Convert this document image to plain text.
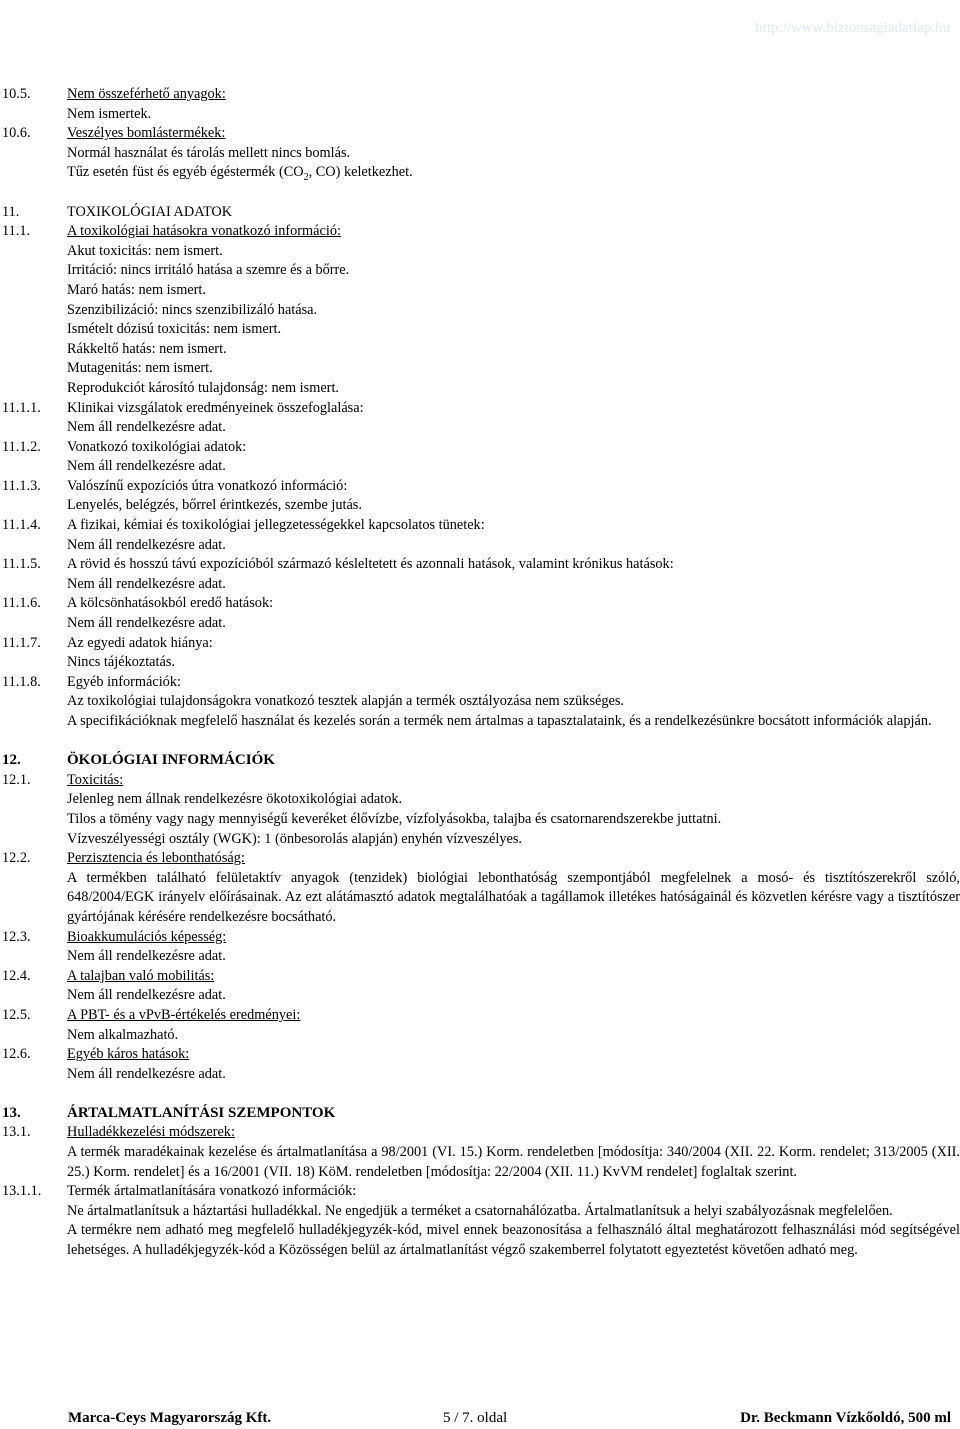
Elkészítés időpontja: 2008. szeptember 22.
Felülvizsgálat időpontja: 2012. december 5.
Verziószám: 2
http://www.biztonsagiadatlap.hu
10.5.	Nem összeférhető anyagok:
Nem ismertek.
10.6.	Veszélyes bomlástermékek:
Normál használat és tárolás mellett nincs bomlás.
Tűz esetén füst és egyéb égéstermék ($CO_2$, CO) keletkezhet.
11.	TOXIKOLÓGIAI ADATOK
11.1.	A toxikológiai hatásokra vonatkozó információ:
Akut toxicitás: nem ismert.
Irritáció: nincs irritáló hatása a szemre és a bőrre.
Maró hatás: nem ismert.
Szenzibilizáció: nincs szenzibilizáló hatása.
Ismételt dózisú toxicitás: nem ismert.
Rákkeltő hatás: nem ismert.
Mutagenitás: nem ismert.
Reprodukciót károsító tulajdonság: nem ismert.
11.1.1. Klinikai vizsgálatok eredményeinek összefoglalása:
Nem áll rendelkezésre adat.
11.1.2. Vonatkozó toxikológiai adatok:
Nem áll rendelkezésre adat.
11.1.3. Valószínű expozíciós útra vonatkozó információ:
Lenyelés, belégzés, bőrrel érintkezés, szembe jutás.
11.1.4. A fizikai, kémiai és toxikológiai jellegzetességekkel kapcsolatos tünetek:
Nem áll rendelkezésre adat.
11.1.5. A rövid és hosszú távú expozícióból származó késleltetett és azonnali hatások, valamint krónikus hatások:
Nem áll rendelkezésre adat.
11.1.6. A kölcsönhatásokból eredő hatások:
Nem áll rendelkezésre adat.
11.1.7. Az egyedi adatok hiánya:
Nincs tájékoztatás.
11.1.8. Egyéb információk:
Az toxikológiai tulajdonságokra vonatkozó tesztek alapján a termék osztályozása nem szükséges.
A specifikációknak megfelelő használat és kezelés során a termék nem ártalmas a tapasztalataink, és a rendelkezésünkre bocsátott információk alapján.
12.	ÖKOLÓGIAI INFORMÁCIÓK
12.1.	Toxicitás:
Jelenleg nem állnak rendelkezésre ökotoxikológiai adatok.
Tilos a tömény vagy nagy mennyiségű keveréket élővízbe, vízfolyásokba, talajba és csatornarendszerekbe juttatni.
Vízveszélyességi osztály (WGK): 1 (önbesorolás alapján) enyhén vízveszélyes.
12.2.	Perzisztencia és lebonthatóság:
A termékben található felületaktív anyagok (tenzidek) biológiai lebonthatóság szempontjából megfelelnek a mosó- és tisztítószerekről szóló, 648/2004/EGK irányelv előírásainak. Az ezt alátámasztó adatok megtalálhatóak a tagállamok illetékes hatóságainál és közvetlen kérésre vagy a tisztítószer gyártójának kérésére rendelkezésre bocsátható.
12.3.	Bioakkumulációs képesség:
Nem áll rendelkezésre adat.
12.4.	A talajban való mobilitás:
Nem áll rendelkezésre adat.
12.5.	A PBT- és a vPvB-értékelés eredményei:
Nem alkalmazható.
12.6.	Egyéb káros hatások:
Nem áll rendelkezésre adat.
13.	ÁRTALMATLANÍTÁSI SZEMPONTOK
13.1.	Hulladékkezelési módszerek:
A termék maradékainak kezelése és ártalmatlanítása a 98/2001 (VI. 15.) Korm. rendeletben [módosítja: 340/2004 (XII. 22. Korm. rendelet; 313/2005 (XII. 25.) Korm. rendelet] és a 16/2001 (VII. 18) KöM. rendeletben [módosítja: 22/2004 (XII. 11.) KvVM rendelet] foglaltak szerint.
13.1.1. Termék ártalmatlanítására vonatkozó információk:
Ne ártalmatlanítsuk a háztartási hulladékkal. Ne engedjük a terméket a csatornahálózatba. Ártalmatlanítsuk a helyi szabályozásnak megfelelően.
A termékre nem adható meg megfelelő hulladékjegyzék-kód, mivel ennek beazonosítása a felhasználó által meghatározott felhasználási mód segítségével lehetséges. A hulladékjegyzék-kód a Közösségen belül az ártalmatlanítást végző szakemberrel folytatott egyeztetést követően adható meg.
Marca-Ceys Magyarország Kft.	5 / 7. oldal	Dr. Beckmann Vízkőoldó, 500 ml
